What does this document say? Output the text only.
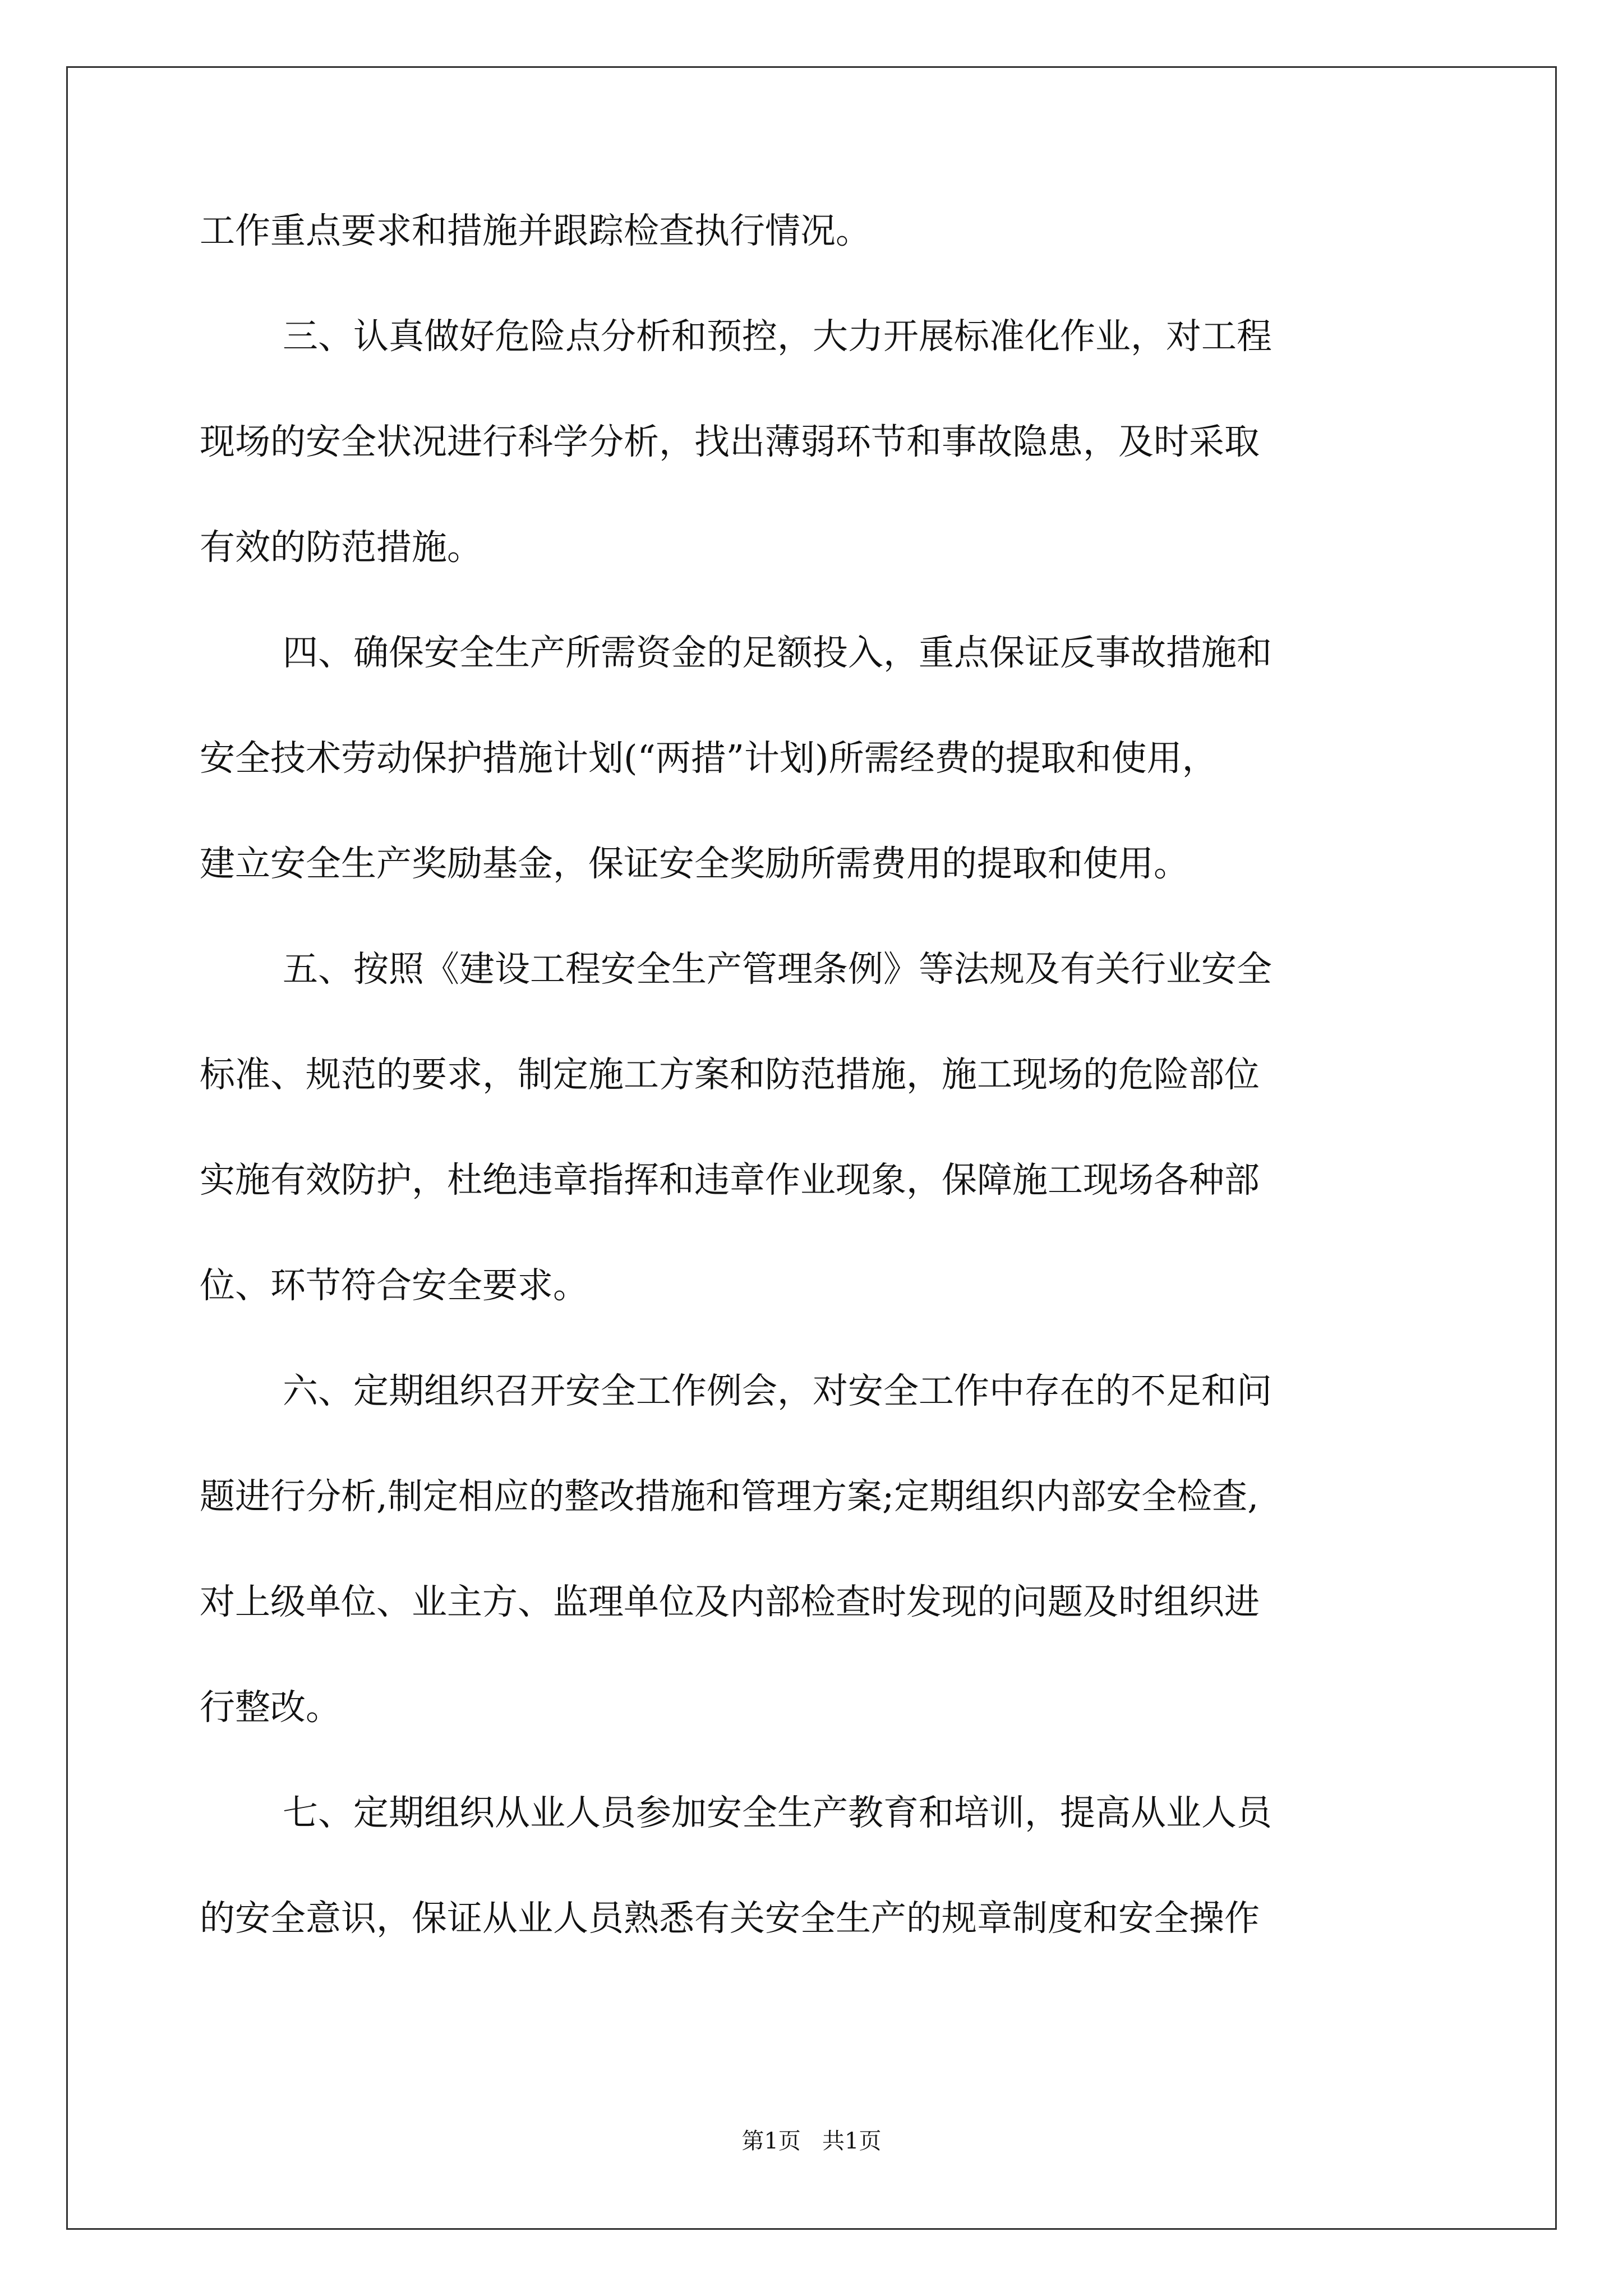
工作重点要求和措施并跟踪检查执行情况。
三、认真做好危险点分析和预控，大力开展标准化作业，对工程
现场的安全状况进行科学分析，找出薄弱环节和事故隐患，及时采取
有效的防范措施。
四、确保安全生产所需资金的足额投入，重点保证反事故措施和
安全技术劳动保护措施计划(“两措”计划)所需经费的提取和使用，
建立安全生产奖励基金，保证安全奖励所需费用的提取和使用。
五、按照《建设工程安全生产管理条例》等法规及有关行业安全
标准、规范的要求，制定施工方案和防范措施，施工现场的危险部位
实施有效防护，杜绝违章指挥和违章作业现象，保障施工现场各种部
位、环节符合安全要求。
六、定期组织召开安全工作例会，对安全工作中存在的不足和问
题进行分析,制定相应的整改措施和管理方案;定期组织内部安全检查,
对上级单位、业主方、监理单位及内部检查时发现的问题及时组织进
行整改。
七、定期组织从业人员参加安全生产教育和培训，提高从业人员
的安全意识，保证从业人员熟悉有关安全生产的规章制度和安全操作
第1页   共1页
